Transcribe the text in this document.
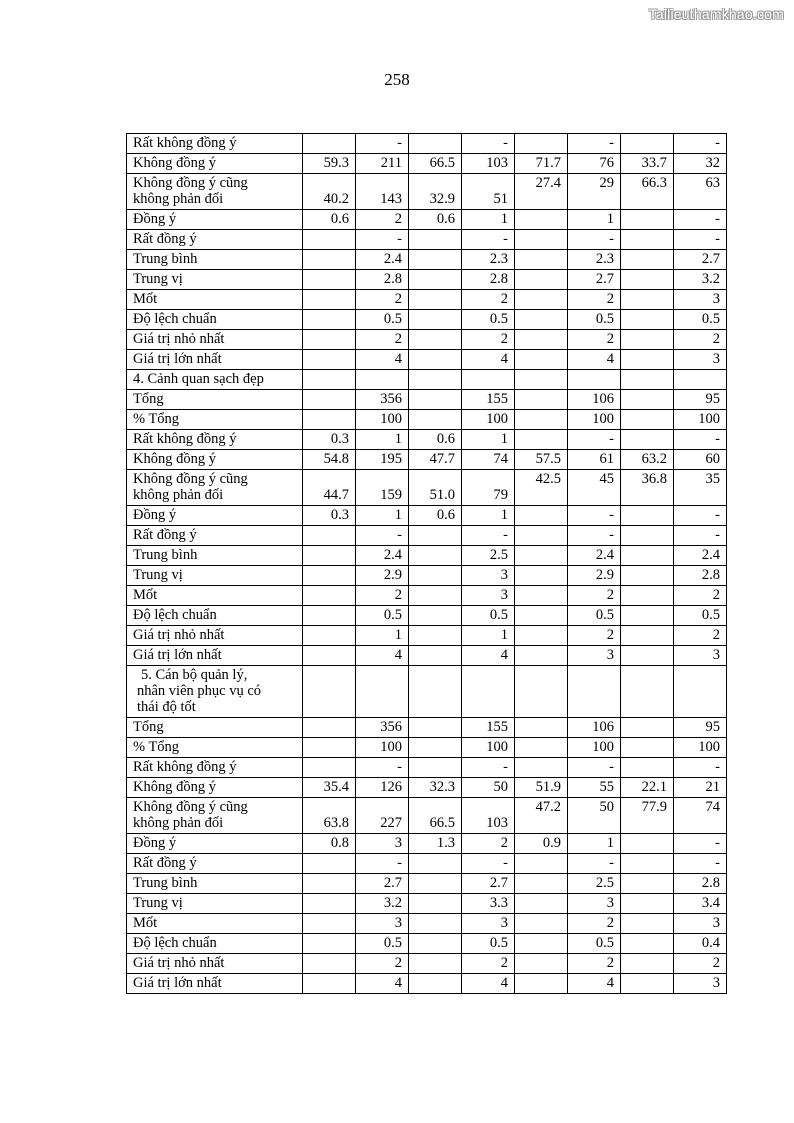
Tailieuthamkhao.com
258
Rất không đồng ý		-		-		-		-

Không đồng ý	59.3	211	66.5	103	71.7	76	33.7	32

Không đồng ý cũng
không phản đối	40.2	143	32.9	51	27.4	29	66.3	63

Đồng ý	0.6	2	0.6	1		1		-

Rất đồng ý		-		-		-		-

Trung bình		2.4		2.3		2.3		2.7

Trung vị		2.8		2.8		2.7		3.2

Mốt		2		2		2		3

Độ lệch chuẩn		0.5		0.5		0.5		0.5

Giá trị nhỏ nhất		2		2		2		2

Giá trị lớn nhất		4		4		4		3

4. Cảnh quan sạch đẹp								

Tổng		356		155		106		95

% Tổng		100		100		100		100

Rất không đồng ý	0.3	1	0.6	1		-		-

Không đồng ý	54.8	195	47.7	74	57.5	61	63.2	60

Không đồng ý cũng
không phản đối	44.7	159	51.0	79	42.5	45	36.8	35

Đồng ý	0.3	1	0.6	1		-		-

Rất đồng ý		-		-		-		-

Trung bình		2.4		2.5		2.4		2.4

Trung vị		2.9		3		2.9		2.8

Mốt		2		3		2		2

Độ lệch chuẩn		0.5		0.5		0.5		0.5

Giá trị nhỏ nhất		1		1		2		2

Giá trị lớn nhất		4		4		3		3

5. Cán bộ quản lý,
nhân viên phục vụ có
thái độ tốt								

Tổng		356		155		106		95

% Tổng		100		100		100		100

Rất không đồng ý		-		-		-		-

Không đồng ý	35.4	126	32.3	50	51.9	55	22.1	21

Không đồng ý cũng
không phản đối	63.8	227	66.5	103	47.2	50	77.9	74

Đồng ý	0.8	3	1.3	2	0.9	1		-

Rất đồng ý		-		-		-		-

Trung bình		2.7		2.7		2.5		2.8

Trung vị		3.2		3.3		3		3.4

Mốt		3		3		2		3

Độ lệch chuẩn		0.5		0.5		0.5		0.4

Giá trị nhỏ nhất		2		2		2		2

Giá trị lớn nhất		4		4		4		3
